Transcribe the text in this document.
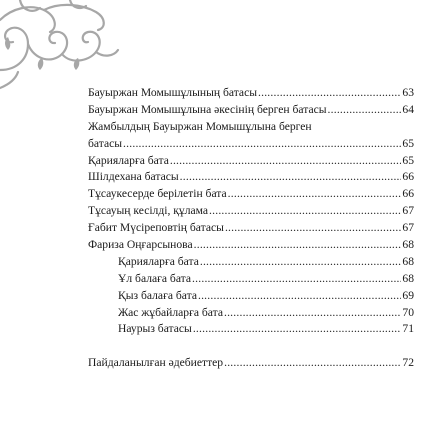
Бауыржан Момышұлының батасы .....	63
Бауыржан Момышұлына әкесінің берген батасы .....	64
Жамбылдың Бауыржан Момышұлына берген
батасы .....	65
Қарияларға бата .....	65
Шілдехана батасы .....	66
Тұсаукесерде берілетін бата .....	66
Тұсауың кесілді, құлама .....	67
Ғабит Мүсіреповтің батасы .....	67
Фариза Оңғарсынова .....	68
Қарияларға бата .....	68
Ұл балаға бата .....	68
Қыз балаға бата .....	69
Жас жұбайларға бата .....	70
Наурыз батасы .....	71
Пайдаланылған әдебиеттер .....	72
